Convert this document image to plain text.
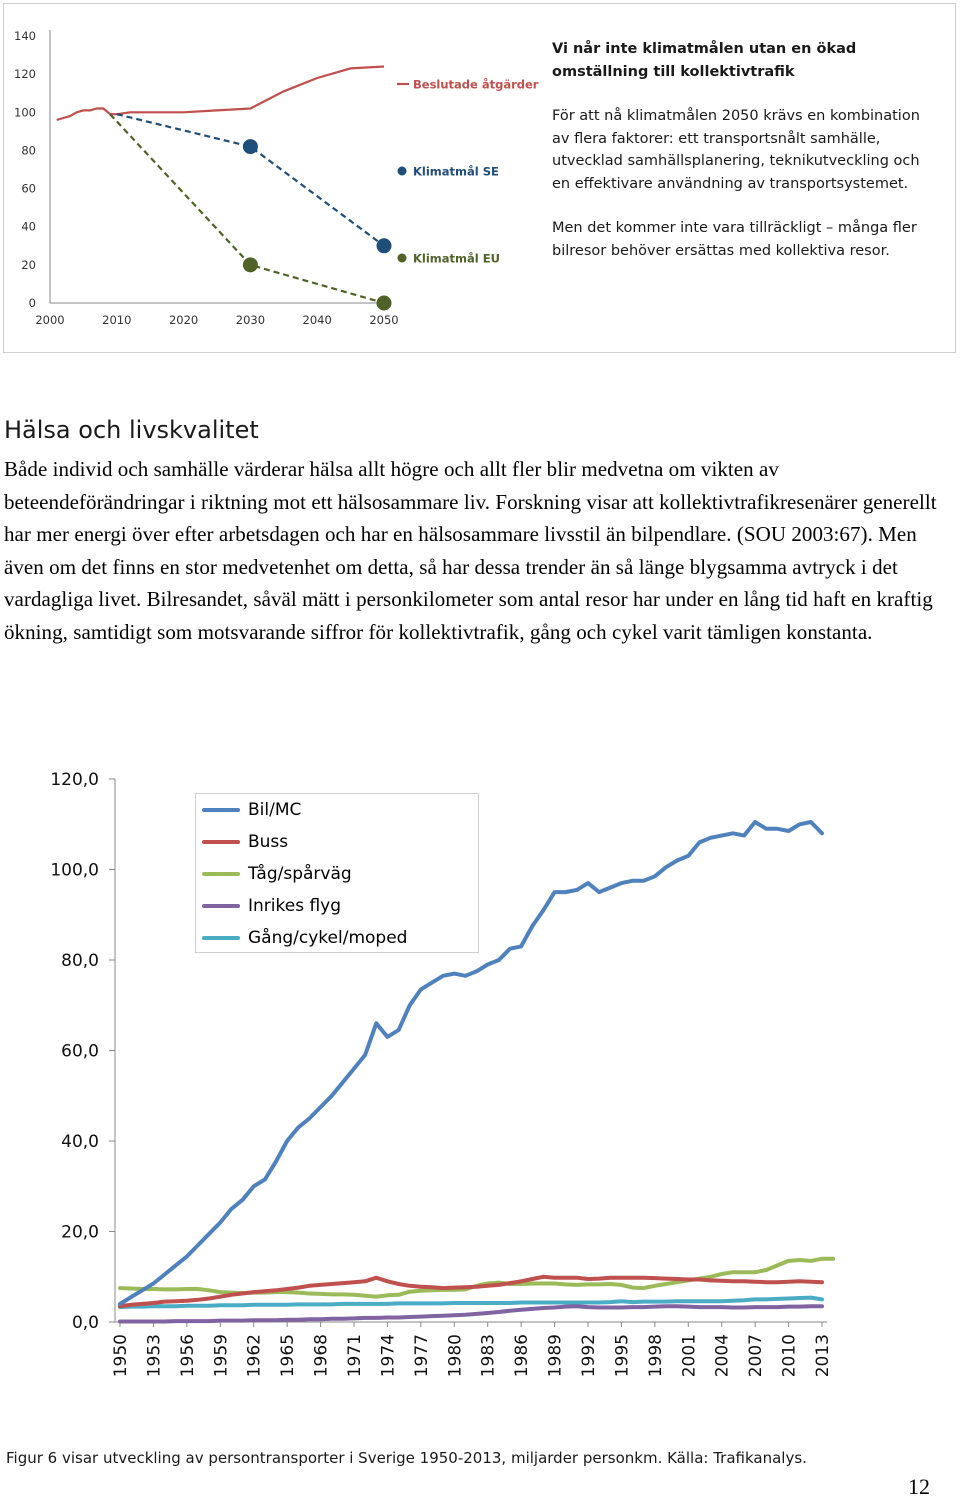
0
20
40
60
80
100
120
140
2000	2010	2020	2030	2040	2050
Beslutade åtgärder
Klimatmål SE
Klimatmål EU

Vi når inte klimatmålen utan en ökad omställning till kollektivtrafik

För att nå klimatmålen 2050 krävs en kombination av flera faktorer: ett transportsnålt samhälle, utvecklad samhällsplanering, teknikutveckling och en effektivare användning av transportsystemet.

Men det kommer inte vara tillräckligt – många fler bilresor behöver ersättas med kollektiva resor.

Hälsa och livskvalitet
Både individ och samhälle värderar hälsa allt högre och allt fler blir medvetna om vikten av beteendeförändringar i riktning mot ett hälsosammare liv. Forskning visar att kollektivtrafikresenärer generellt har mer energi över efter arbetsdagen och har en hälsosammare livsstil än bilpendlare. (SOU 2003:67). Men även om det finns en stor medvetenhet om detta, så har dessa trender än så länge blygsamma avtryck i det vardagliga livet. Bilresandet, såväl mätt i personkilometer som antal resor har under en lång tid haft en kraftig ökning, samtidigt som motsvarande siffror för kollektivtrafik, gång och cykel varit tämligen konstanta.
0,0
20,0
40,0
60,0
80,0
100,0
120,0
1950 1953 1956 1959 1962 1965 1968 1971 1974 1977 1980 1983 1986 1989 1992 1995 1998 2001 2004 2007 2010 2013
Bil/MC
Buss
Tåg/spårväg
Inrikes flyg
Gång/cykel/moped
Figur 6 visar utveckling av persontransporter i Sverige 1950-2013, miljarder personkm. Källa: Trafikanalys.
12
